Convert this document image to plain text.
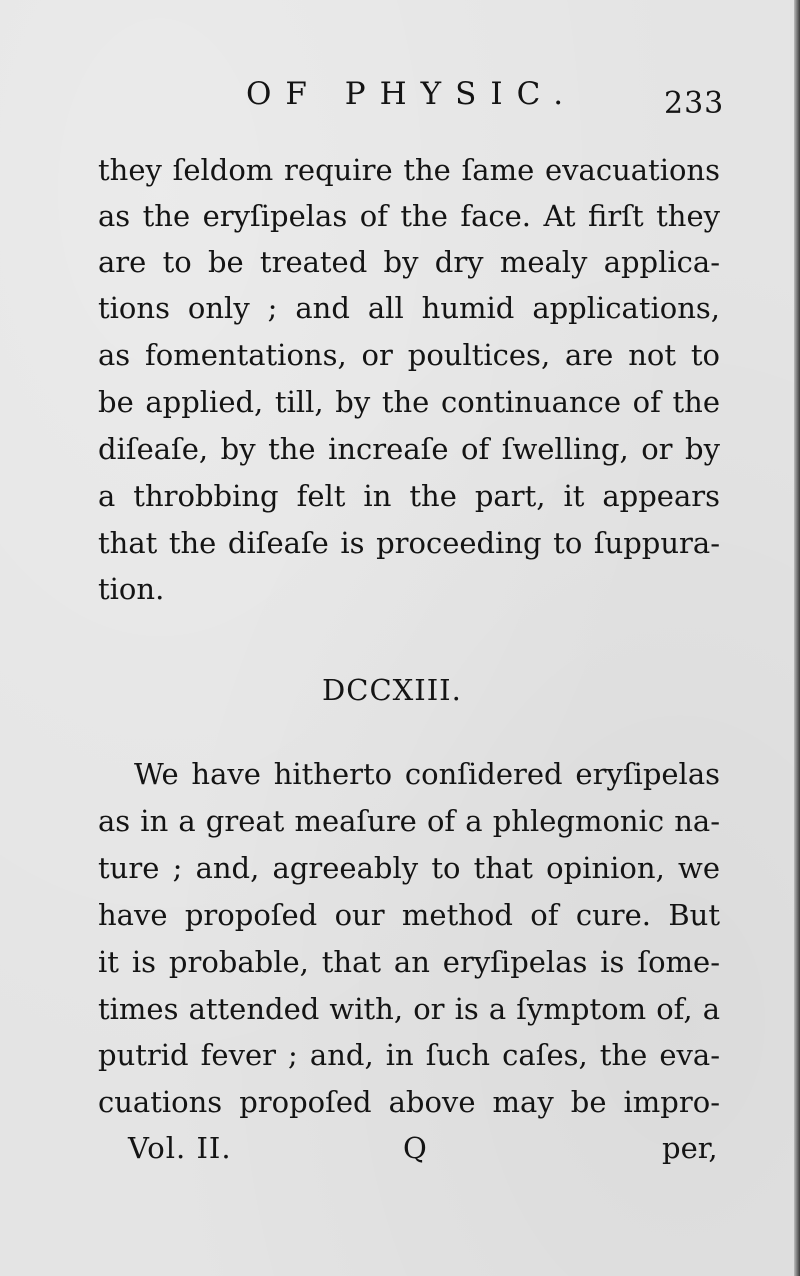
OF PHYSIC.	233
they ſeldom require the ſame evacuations
as the eryſipelas of the face. At firſt they
are to be treated by dry mealy applica-
tions only ; and all humid applications,
as fomentations, or poultices, are not to
be applied, till, by the continuance of the
diſeaſe, by the increaſe of ſwelling, or by
a throbbing felt in the part, it appears
that the diſeaſe is proceeding to ſuppura-
tion.
DCCXIII.
We have hitherto conſidered eryſipelas
as in a great meaſure of a phlegmonic na-
ture ; and, agreeably to that opinion, we
have propoſed our method of cure. But
it is probable, that an eryſipelas is ſome-
times attended with, or is a ſymptom of, a
putrid fever ; and, in ſuch caſes, the eva-
cuations propoſed above may be impro-
Vol. II.	Q	per,
